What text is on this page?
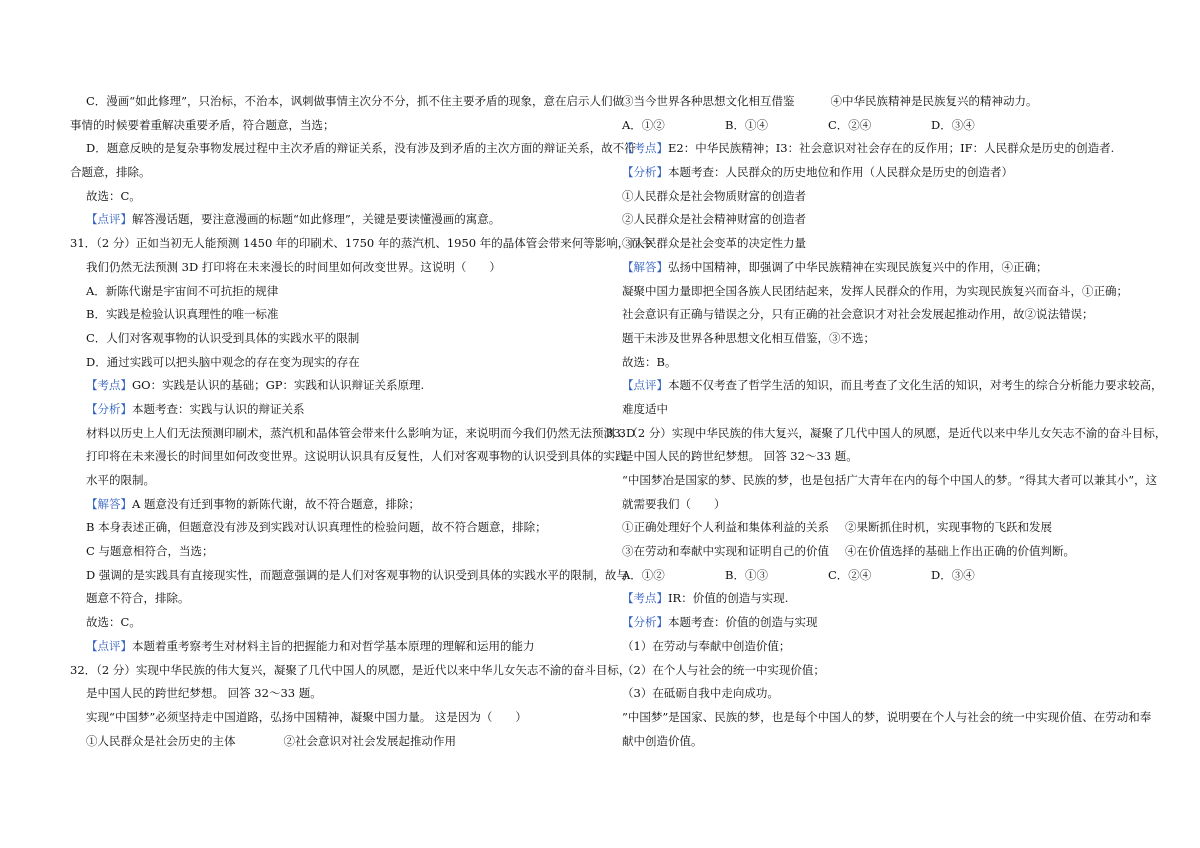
C．漫画“如此修理”，只治标，不治本，讽刺做事情主次分不分，抓不住主要矛盾的现象，意在启示人们做
事情的时候要着重解决重要矛盾，符合题意，当选；
D．题意反映的是复杂事物发展过程中主次矛盾的辩证关系，没有涉及到矛盾的主次方面的辩证关系，故不符
合题意，排除。
故选：C。
【点评】解答漫话题，要注意漫画的标题“如此修理”，关键是要读懂漫画的寓意。
31．（2 分）正如当初无人能预测 1450 年的印刷术、1750 年的蒸汽机、1950 年的晶体管会带来何等影响，而今
我们仍然无法预测 3D 打印将在未来漫长的时间里如何改变世界。这说明（　　）
A．新陈代谢是宇宙间不可抗拒的规律
B．实践是检验认识真理性的唯一标准
C．人们对客观事物的认识受到具体的实践水平的限制
D．通过实践可以把头脑中观念的存在变为现实的存在
【考点】GO：实践是认识的基础；GP：实践和认识辩证关系原理.
【分析】本题考查：实践与认识的辩证关系
材料以历史上人们无法预测印刷术，蒸汽机和晶体管会带来什么影响为证，来说明而今我们仍然无法预测 3D
打印将在未来漫长的时间里如何改变世界。这说明认识具有反复性，人们对客观事物的认识受到具体的实践
水平的限制。
【解答】A 题意没有迁到事物的新陈代谢，故不符合题意，排除；
B 本身表述正确，但题意没有涉及到实践对认识真理性的检验问题，故不符合题意，排除；
C 与题意相符合，当选；
D 强调的是实践具有直接现实性，而题意强调的是人们对客观事物的认识受到具体的实践水平的限制，故与
题意不符合，排除。
故选：C。
【点评】本题着重考察考生对材料主旨的把握能力和对哲学基本原理的理解和运用的能力
32．（2 分）实现中华民族的伟大复兴，凝聚了几代中国人的夙愿，是近代以来中华儿女矢志不渝的奋斗目标，
是中国人民的跨世纪梦想。 回答 32～33 题。
实现“中国梦”必须坚持走中国道路，弘扬中国精神，凝聚中国力量。 这是因为（　　）
①人民群众是社会历史的主体	②社会意识对社会发展起推动作用
③当今世界各种思想文化相互借鉴	④中华民族精神是民族复兴的精神动力。
A．①②	B．①④	C．②④	D．③④
【考点】E2：中华民族精神；I3：社会意识对社会存在的反作用；IF：人民群众是历史的创造者.
【分析】本题考查：人民群众的历史地位和作用（人民群众是历史的创造者）
①人民群众是社会物质财富的创造者
②人民群众是社会精神财富的创造者
③人民群众是社会变革的决定性力量
【解答】弘扬中国精神，即强调了中华民族精神在实现民族复兴中的作用，④正确；
凝聚中国力量即把全国各族人民团结起来，发挥人民群众的作用，为实现民族复兴而奋斗，①正确；
社会意识有正确与错误之分，只有正确的社会意识才对社会发展起推动作用，故②说法错误；
题干未涉及世界各种思想文化相互借鉴，③不选；
故选：B。
【点评】本题不仅考查了哲学生活的知识，而且考查了文化生活的知识，对考生的综合分析能力要求较高，
难度适中
33．（2 分）实现中华民族的伟大复兴，凝聚了几代中国人的夙愿，是近代以来中华儿女矢志不渝的奋斗目标，
是中国人民的跨世纪梦想。 回答 32～33 题。
“中国梦冶是国家的梦、民族的梦，也是包括广大青年在内的每个中国人的梦。“得其大者可以兼其小”，这
就需要我们（　　）
①正确处理好个人利益和集体利益的关系 ②果断抓住时机，实现事物的飞跃和发展
③在劳动和奉献中实现和证明自己的价值 ④在价值选择的基础上作出正确的价值判断。
A．①②	B．①③	C．②④	D．③④
【考点】IR：价值的创造与实现.
【分析】本题考查：价值的创造与实现
（1）在劳动与奉献中创造价值；
（2）在个人与社会的统一中实现价值；
（3）在砥砺自我中走向成功。
”中国梦”是国家、民族的梦，也是每个中国人的梦，说明要在个人与社会的统一中实现价值、在劳动和奉
献中创造价值。
